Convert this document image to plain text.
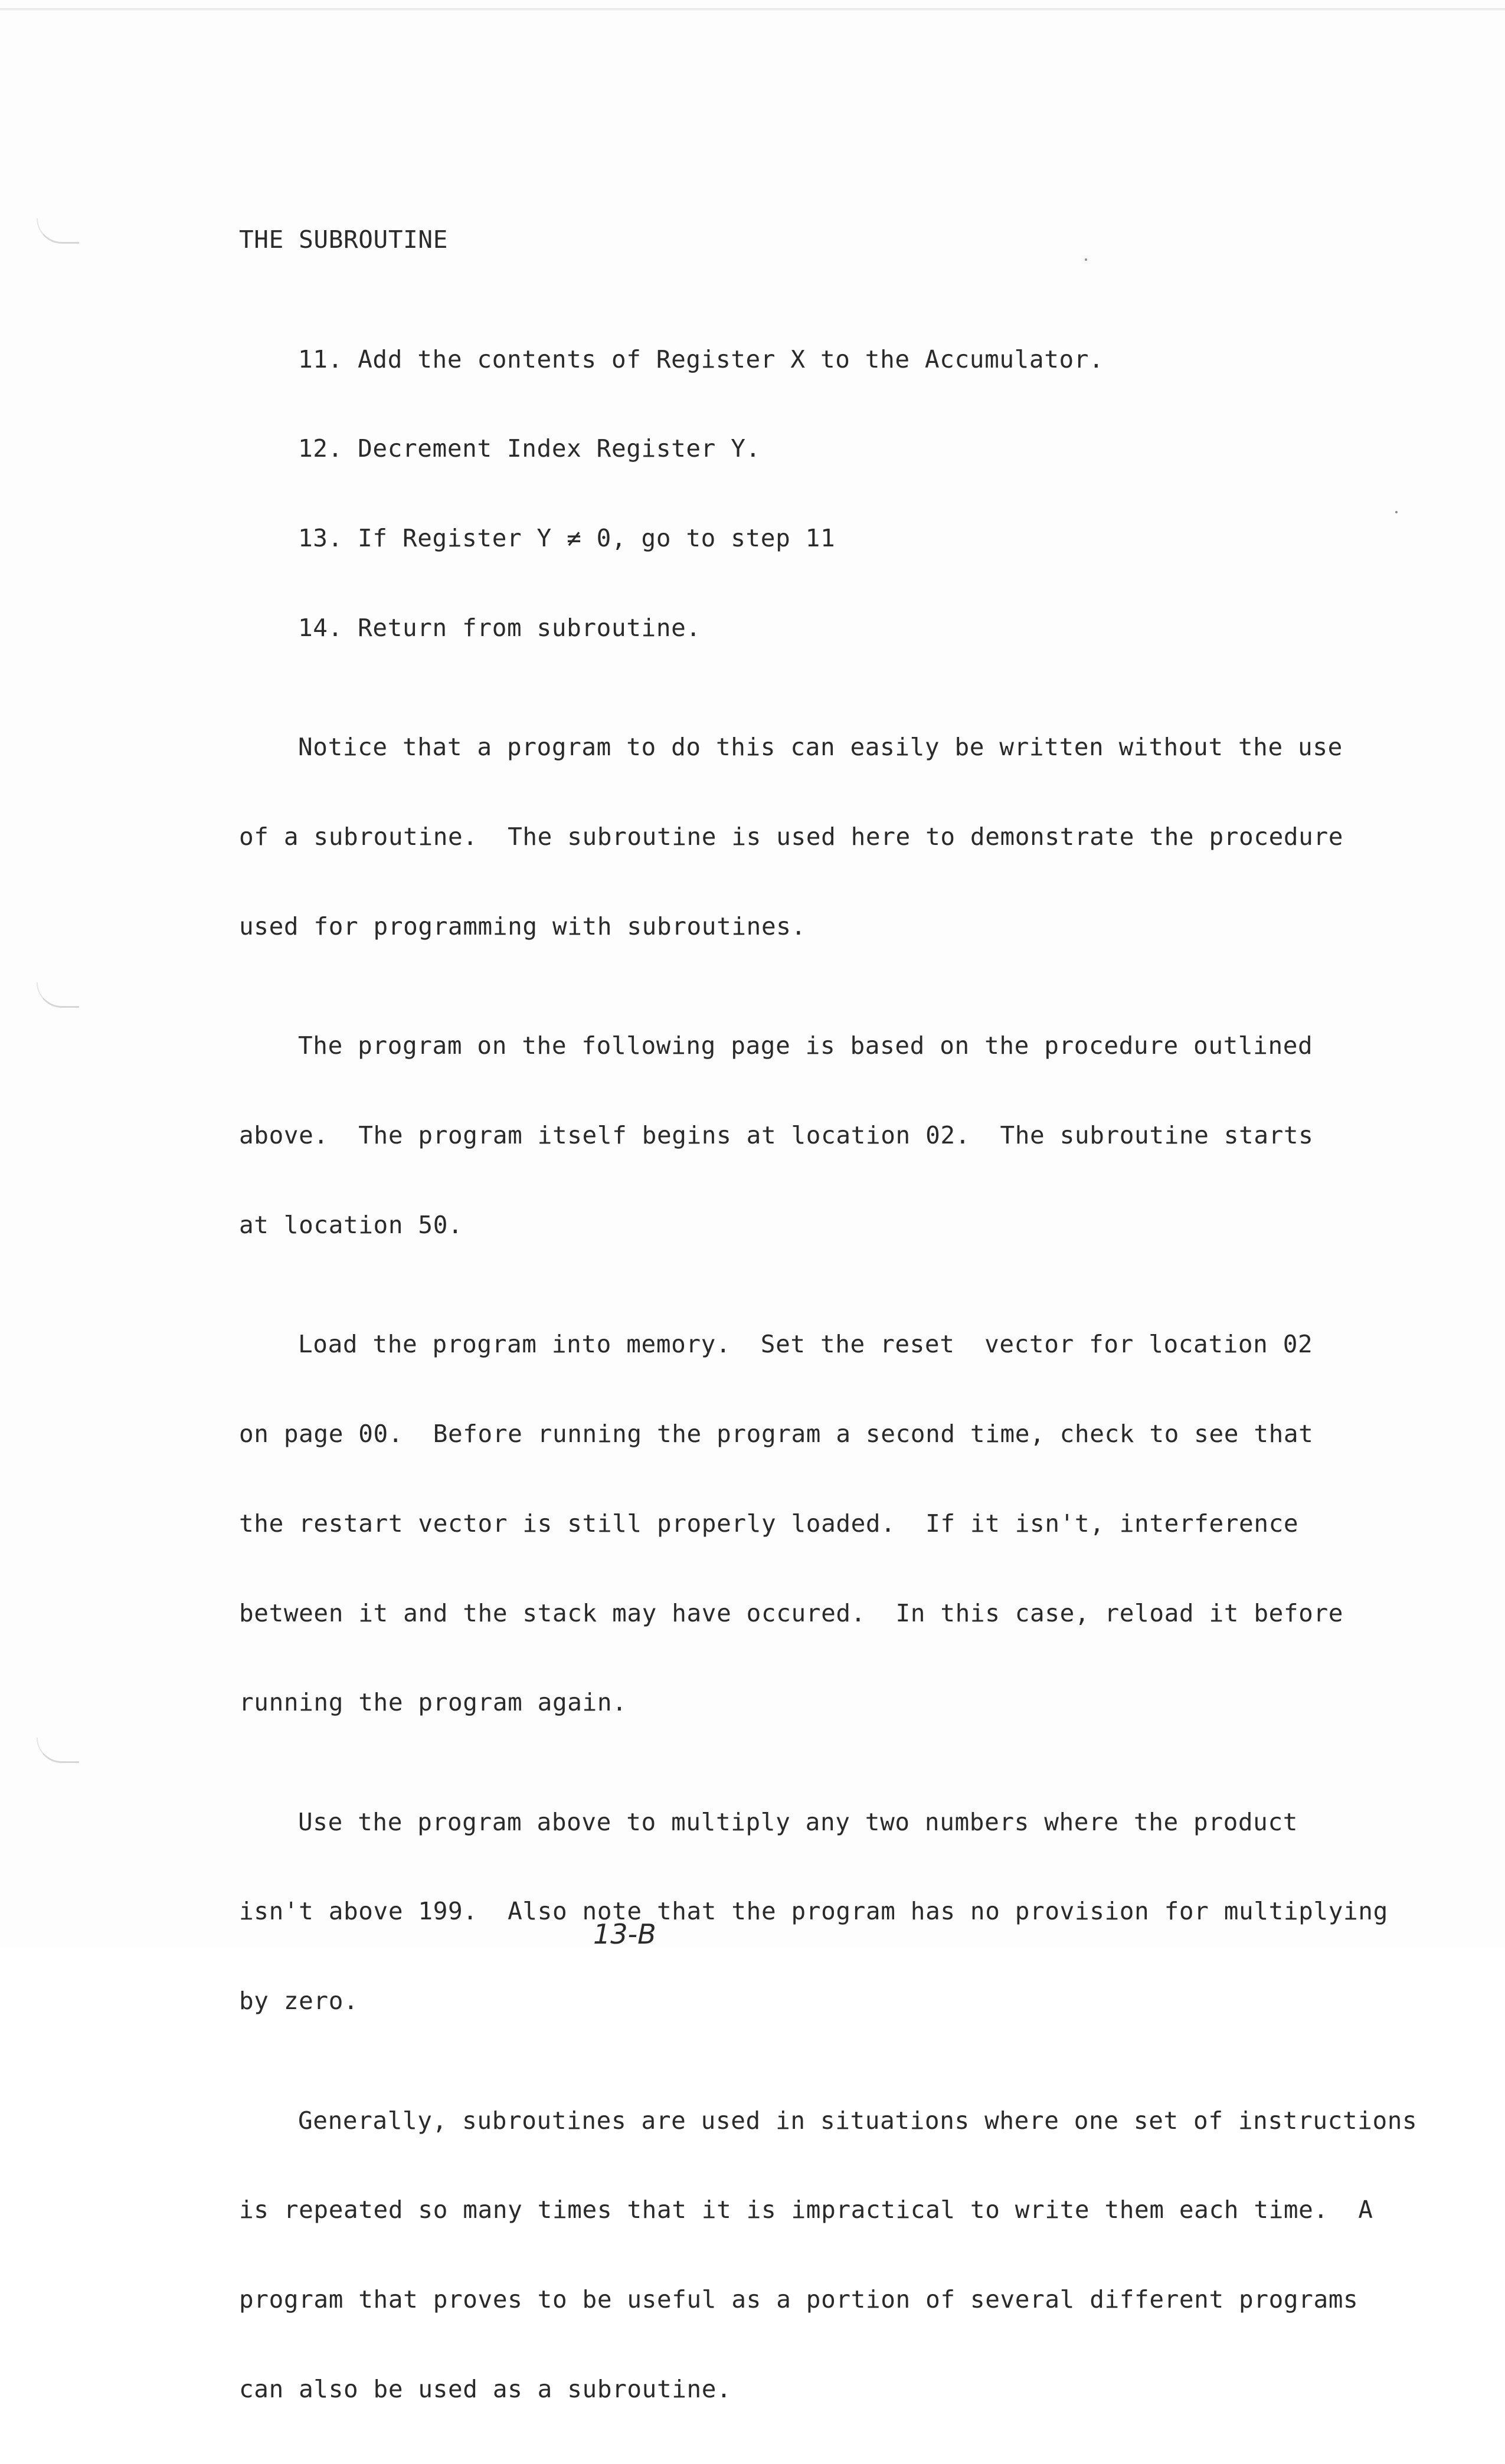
THE SUBROUTINE

11. Add the contents of Register X to the Accumulator.

12. Decrement Index Register Y.

13. If Register Y ≠ 0, go to step 11

14. Return from subroutine.

Notice that a program to do this can easily be written without the use

of a subroutine.  The subroutine is used here to demonstrate the procedure

used for programming with subroutines.

The program on the following page is based on the procedure outlined

above.  The program itself begins at location 02.  The subroutine starts

at location 50.

Load the program into memory.  Set the reset  vector for location 02

on page 00.  Before running the program a second time, check to see that

the restart vector is still properly loaded.  If it isn't, interference

between it and the stack may have occured.  In this case, reload it before

running the program again.

Use the program above to multiply any two numbers where the product

isn't above 199.  Also note that the program has no provision for multiplying

by zero.

Generally, subroutines are used in situations where one set of instructions

is repeated so many times that it is impractical to write them each time.  A

program that proves to be useful as a portion of several different programs

can also be used as a subroutine.

13-B
